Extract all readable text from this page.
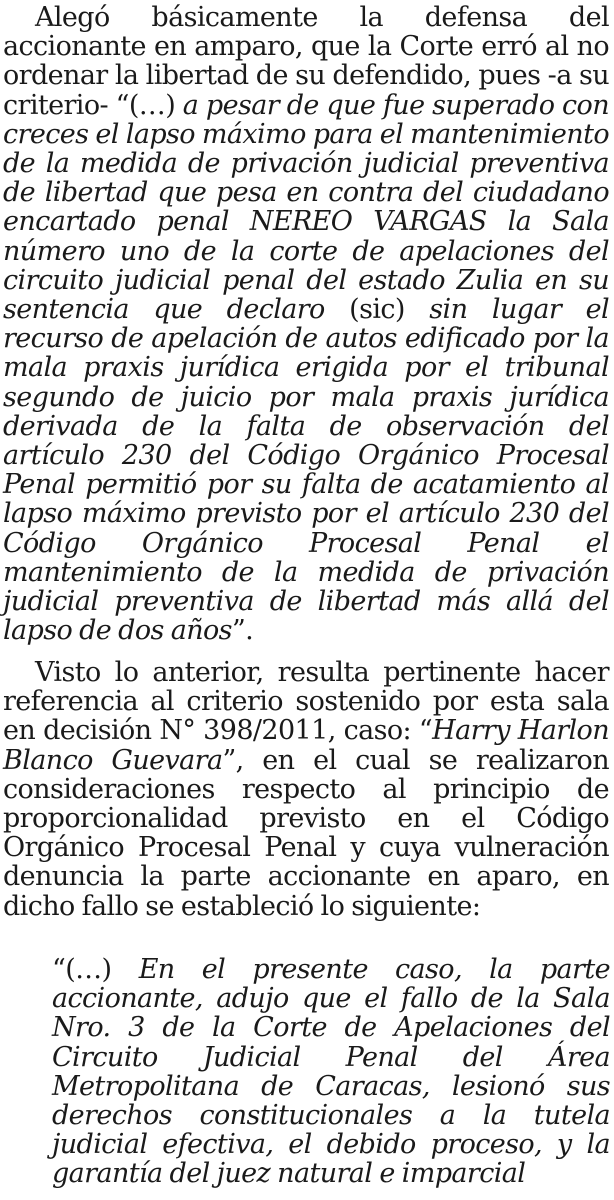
Alegó básicamente la defensa del accionante en amparo, que la Corte erró al no ordenar la libertad de su defendido, pues -a su criterio- “(…) a pesar de que fue superado con creces el lapso máximo para el mantenimiento de la medida de privación judicial preventiva de libertad que pesa en contra del ciudadano encartado penal NEREO VARGAS la Sala número uno de la corte de apelaciones del circuito judicial penal del estado Zulia en su sentencia que declaro (sic) sin lugar el recurso de apelación de autos edificado por la mala praxis jurídica erigida por el tribunal segundo de juicio por mala praxis jurídica derivada de la falta de observación del artículo 230 del Código Orgánico Procesal Penal permitió por su falta de acatamiento al lapso máximo previsto por el artículo 230 del Código Orgánico Procesal Penal el mantenimiento de la medida de privación judicial preventiva de libertad más allá del lapso de dos años”.

Visto lo anterior, resulta pertinente hacer referencia al criterio sostenido por esta sala en decisión N° 398/2011, caso: “Harry Harlon Blanco Guevara”, en el cual se realizaron consideraciones respecto al principio de proporcionalidad previsto en el Código Orgánico Procesal Penal y cuya vulneración denuncia la parte accionante en aparo, en dicho fallo se estableció lo siguiente:

“(…) En el presente caso, la parte accionante, adujo que el fallo de la Sala Nro. 3 de la Corte de Apelaciones del Circuito Judicial Penal del Área Metropolitana de Caracas, lesionó sus derechos constitucionales a la tutela judicial efectiva, el debido proceso, y la garantía del juez natural e imparcial
